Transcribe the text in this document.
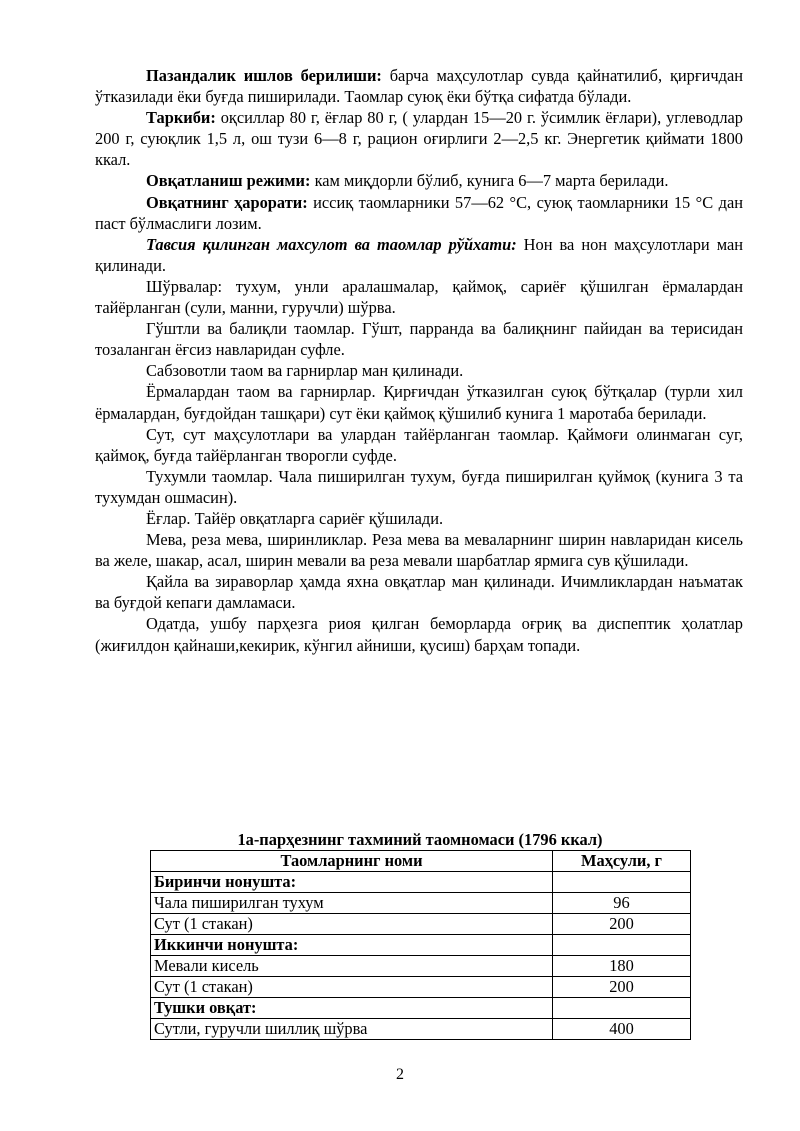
Пазандалик ишлов берилиши: барча маҳсулотлар сувда қайнатилиб, қирғичдан ўтказилади ёки буғда пиширилади. Таомлар суюқ ёки бўтқа сифатда бўлади.

Таркиби: оқсиллар 80 г, ёғлар 80 г, ( улардан 15—20 г. ўсимлик ёғлари), углеводлар 200 г, суюқлик 1,5 л, ош тузи 6—8 г, рацион оғирлиги 2—2,5 кг. Энергетик қиймати 1800 ккал.

Овқатланиш режими: кам миқдорли бўлиб, кунига 6—7 марта берилади.

Овқатнинг ҳарорати: иссиқ таомларники 57—62 °С, суюқ таомларники 15 °С дан паст бўлмаслиги лозим.

Тавсия қилинган махсулот ва таомлар рўйхати: Нон ва нон маҳсулотлари ман қилинади.

Шўрвалар: тухум, унли аралашмалар, қаймоқ, сариёғ қўшилган ёрмалардан тайёрланган (сули, манни, гуручли) шўрва.

Гўштли ва балиқли таомлар. Гўшт, парранда ва балиқнинг пайидан ва терисидан тозаланган ёғсиз навларидан суфле.

Сабзовотли таом ва гарнирлар ман қилинади.

Ёрмалардан таом ва гарнирлар. Қирғичдан ўтказилган суюқ бўтқалар (турли хил ёрмалардан, буғдойдан ташқари) сут ёки қаймоқ қўшилиб кунига 1 маротаба берилади.

Сут, сут маҳсулотлари ва улардан тайёрланган таомлар. Қаймоғи олинмаган суг, қаймоқ, буғда тайёрланган творогли суфде.

Тухумли таомлар. Чала пиширилган тухум, буғда пиширилган қуймоқ (кунига 3 та тухумдан ошмасин).

Ёғлар. Тайёр овқатларга сариёғ қўшилади.

Мева, реза мева, ширинликлар. Реза мева ва меваларнинг ширин навларидан кисель ва желе, шакар, асал, ширин мевали ва реза мевали шарбатлар ярмига сув қўшилади.

Қайла ва зираворлар ҳамда яхна овқатлар ман қилинади. Ичимликлардан наъматак ва буғдой кепаги дамламаси.

Одатда, ушбу парҳезга риоя қилган беморларда оғриқ ва диспептик ҳолатлар (жиғилдон қайнаши,кекирик, кўнгил айниши, қусиш) барҳам топади.

1а-парҳезнинг тахминий таомномаси (1796 ккал)
Таомларнинг номи	Маҳсули, г
Биринчи нонушта:	
Чала пиширилган тухум	96
Сут (1 стакан)	200
Иккинчи нонушта:	
Мевали кисель	180
Сут (1 стакан)	200
Тушки овқат:	
Сутли, гуручли шиллиқ шўрва	400
2
